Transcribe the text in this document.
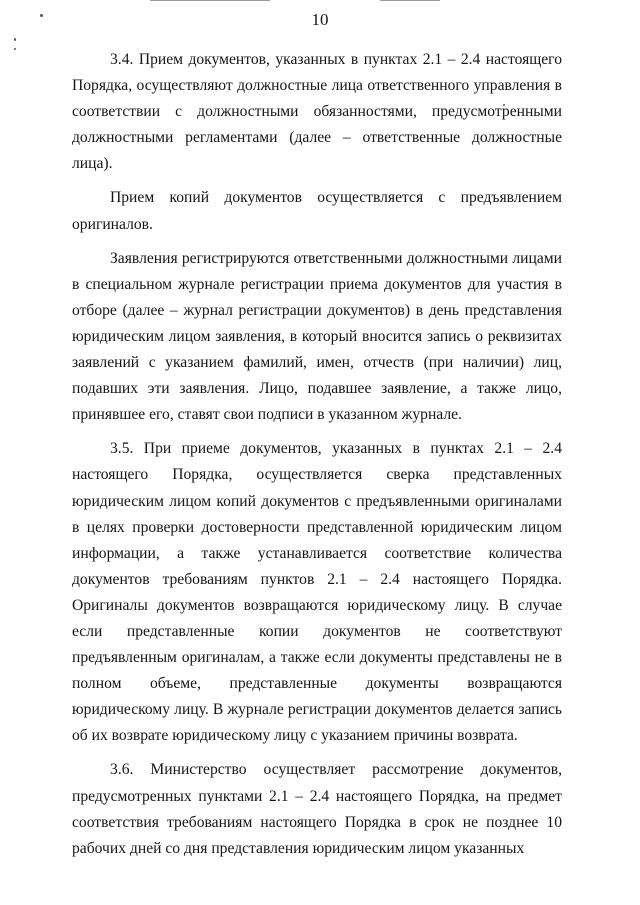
10

3.4. Прием документов, указанных в пунктах 2.1 – 2.4 настоящего Порядка, осуществляют должностные лица ответственного управления в соответствии с должностными обязанностями, предусмотренными должностными регламентами (далее – ответственные должностные лица).

Прием копий документов осуществляется с предъявлением оригиналов.

Заявления регистрируются ответственными должностными лицами в специальном журнале регистрации приема документов для участия в отборе (далее – журнал регистрации документов) в день представления юридическим лицом заявления, в который вносится запись о реквизитах заявлений с указанием фамилий, имен, отчеств (при наличии) лиц, подавших эти заявления. Лицо, подавшее заявление, а также лицо, принявшее его, ставят свои подписи в указанном журнале.

3.5. При приеме документов, указанных в пунктах 2.1 – 2.4 настоящего Порядка, осуществляется сверка представленных юридическим лицом копий документов с предъявленными оригиналами в целях проверки достоверности представленной юридическим лицом информации, а также устанавливается соответствие количества документов требованиям пунктов 2.1 – 2.4 настоящего Порядка. Оригиналы документов возвращаются юридическому лицу. В случае если представленные копии документов не соответствуют предъявленным оригиналам, а также если документы представлены не в полном объеме, представленные документы возвращаются юридическому лицу. В журнале регистрации документов делается запись об их возврате юридическому лицу с указанием причины возврата.

3.6. Министерство осуществляет рассмотрение документов, предусмотренных пунктами 2.1 – 2.4 настоящего Порядка, на предмет соответствия требованиям настоящего Порядка в срок не позднее 10 рабочих дней со дня представления юридическим лицом указанных
